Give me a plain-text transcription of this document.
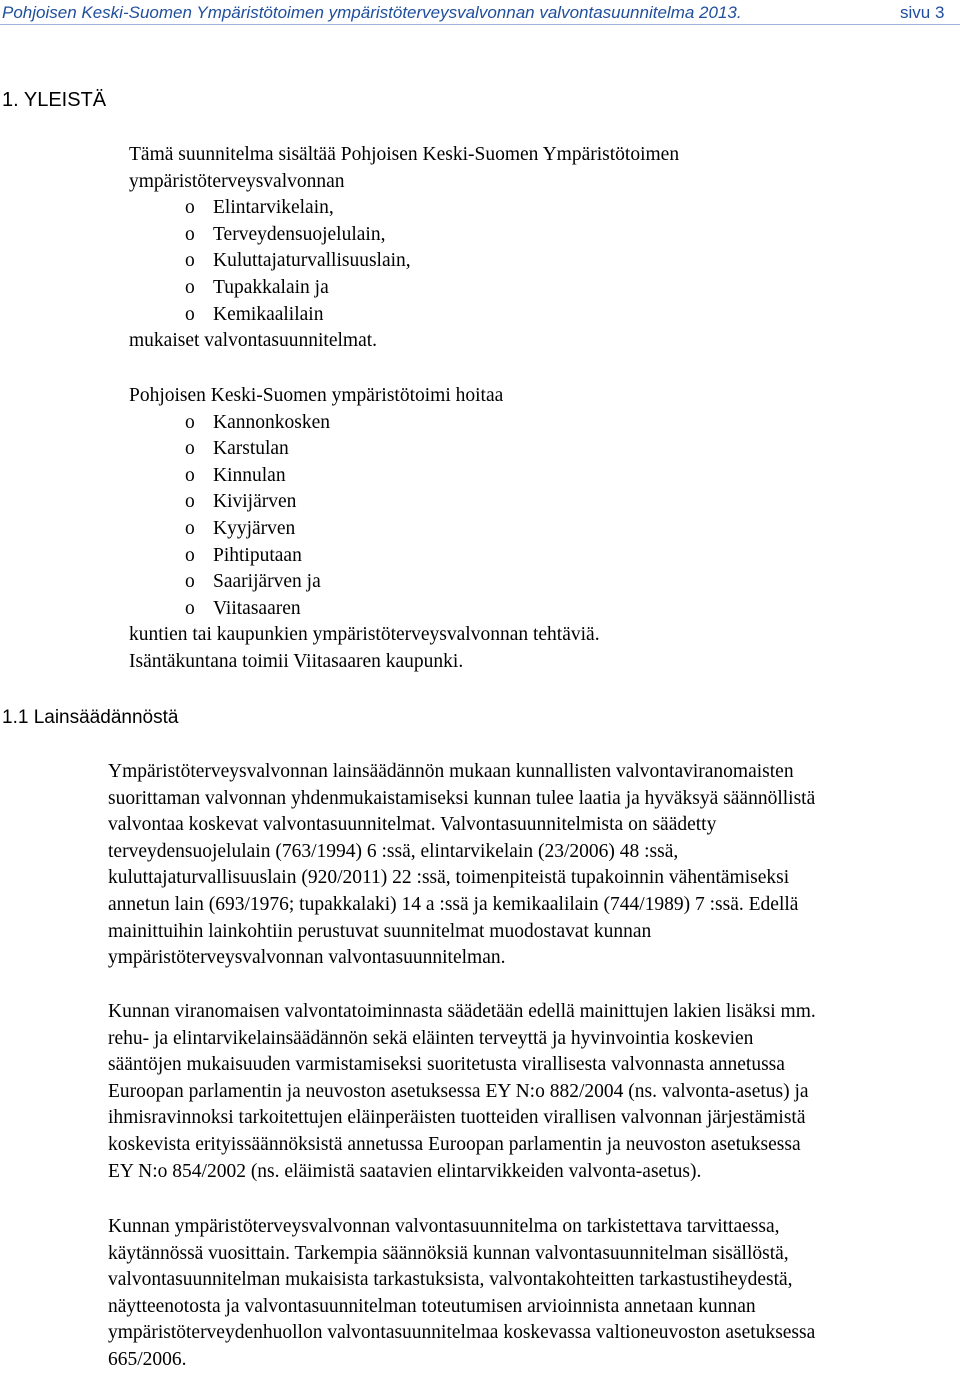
Pohjoisen Keski-Suomen Ympäristötoimen ympäristöterveysvalvonnan valvontasuunnitelma 2013.	sivu 3
1. YLEISTÄ
Tämä suunnitelma sisältää Pohjoisen Keski-Suomen Ympäristötoimen
ympäristöterveysvalvonnan
o Elintarvikelain,
o Terveydensuojelulain,
o Kuluttajaturvallisuuslain,
o Tupakkalain ja
o Kemikaalilain
mukaiset valvontasuunnitelmat.
Pohjoisen Keski-Suomen ympäristötoimi hoitaa
o Kannonkosken
o Karstulan
o Kinnulan
o Kivijärven
o Kyyjärven
o Pihtiputaan
o Saarijärven ja
o Viitasaaren
kuntien tai kaupunkien ympäristöterveysvalvonnan tehtäviä.
Isäntäkuntana toimii Viitasaaren kaupunki.
1.1 Lainsäädännöstä
Ympäristöterveysvalvonnan lainsäädännön mukaan kunnallisten valvontaviranomaisten
suorittaman valvonnan yhdenmukaistamiseksi kunnan tulee laatia ja hyväksyä säännöllistä
valvontaa koskevat valvontasuunnitelmat. Valvontasuunnitelmista on säädetty
terveydensuojelulain (763/1994) 6 :ssä, elintarvikelain (23/2006) 48 :ssä,
kuluttajaturvallisuuslain (920/2011) 22 :ssä, toimenpiteistä tupakoinnin vähentämiseksi
annetun lain (693/1976; tupakkalaki) 14 a :ssä ja kemikaalilain (744/1989) 7 :ssä. Edellä
mainittuihin lainkohtiin perustuvat suunnitelmat muodostavat kunnan
ympäristöterveysvalvonnan valvontasuunnitelman.
Kunnan viranomaisen valvontatoiminnasta säädetään edellä mainittujen lakien lisäksi mm.
rehu- ja elintarvikelainsäädännön sekä eläinten terveyttä ja hyvinvointia koskevien
sääntöjen mukaisuuden varmistamiseksi suoritetusta virallisesta valvonnasta annetussa
Euroopan parlamentin ja neuvoston asetuksessa EY N:o 882/2004 (ns. valvonta-asetus) ja
ihmisravinnoksi tarkoitettujen eläinperäisten tuotteiden virallisen valvonnan järjestämistä
koskevista erityissäännöksistä annetussa Euroopan parlamentin ja neuvoston asetuksessa
EY N:o 854/2002 (ns. eläimistä saatavien elintarvikkeiden valvonta-asetus).
Kunnan ympäristöterveysvalvonnan valvontasuunnitelma on tarkistettava tarvittaessa,
käytännössä vuosittain. Tarkempia säännöksiä kunnan valvontasuunnitelman sisällöstä,
valvontasuunnitelman mukaisista tarkastuksista, valvontakohteitten tarkastustiheydestä,
näytteenotosta ja valvontasuunnitelman toteutumisen arvioinnista annetaan kunnan
ympäristöterveydenhuollon valvontasuunnitelmaa koskevassa valtioneuvoston asetuksessa
665/2006.
